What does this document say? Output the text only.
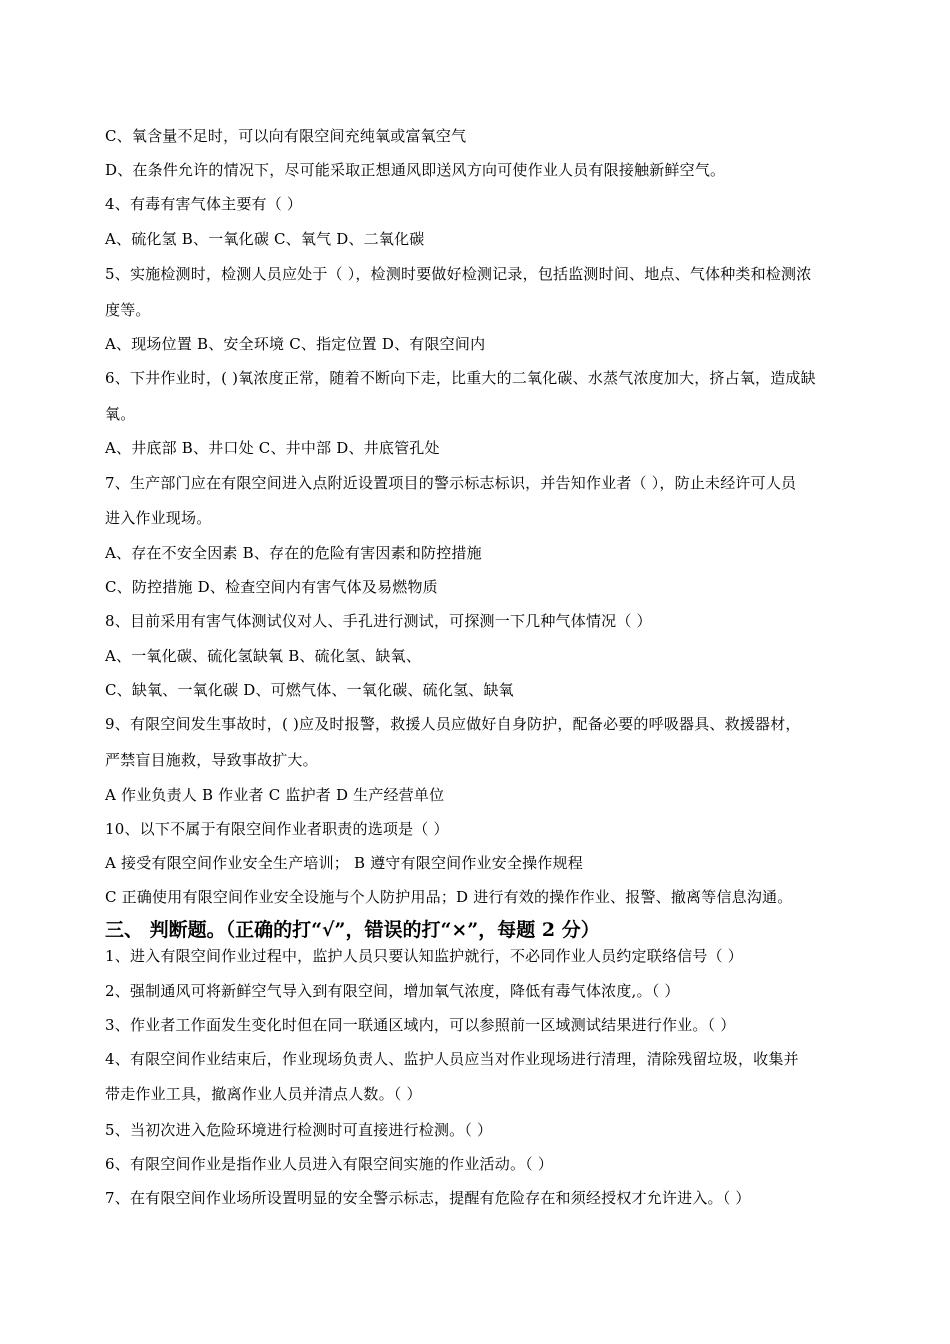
C、氧含量不足时，可以向有限空间充纯氧或富氧空气
D、在条件允许的情况下，尽可能采取正想通风即送风方向可使作业人员有限接触新鲜空气。
4、有毒有害气体主要有（ ）
A、硫化氢 B、一氧化碳 C、氧气 D、二氧化碳
5、实施检测时，检测人员应处于（ ），检测时要做好检测记录，包括监测时间、地点、气体种类和检测浓
度等。
A、现场位置 B、安全环境 C、指定位置 D、有限空间内
6、下井作业时，( )氧浓度正常，随着不断向下走，比重大的二氧化碳、水蒸气浓度加大，挤占氧，造成缺
氧。
A、井底部 B、井口处 C、井中部 D、井底管孔处
7、生产部门应在有限空间进入点附近设置项目的警示标志标识，并告知作业者（ ），防止未经许可人员
进入作业现场。
A、存在不安全因素 B、存在的危险有害因素和防控措施
C、防控措施 D、检查空间内有害气体及易燃物质
8、目前采用有害气体测试仪对人、手孔进行测试，可探测一下几种气体情况（ ）
A、一氧化碳、硫化氢缺氧 B、硫化氢、缺氧、
C、缺氧、一氧化碳 D、可燃气体、一氧化碳、硫化氢、缺氧
9、有限空间发生事故时，( )应及时报警，救援人员应做好自身防护，配备必要的呼吸器具、救援器材，
严禁盲目施救，导致事故扩大。
A 作业负责人 B 作业者 C 监护者 D 生产经营单位
10、以下不属于有限空间作业者职责的选项是（ ）
A 接受有限空间作业安全生产培训； B 遵守有限空间作业安全操作规程
C 正确使用有限空间作业安全设施与个人防护用品；D 进行有效的操作作业、报警、撤离等信息沟通。
三、 判断题。（正确的打“√”，错误的打“×”，每题 2 分）
1、进入有限空间作业过程中，监护人员只要认知监护就行，不必同作业人员约定联络信号（ ）
2、强制通风可将新鲜空气导入到有限空间，增加氧气浓度，降低有毒气体浓度,。（ ）
3、作业者工作面发生变化时但在同一联通区域内，可以参照前一区域测试结果进行作业。（ ）
4、有限空间作业结束后，作业现场负责人、监护人员应当对作业现场进行清理，清除残留垃圾，收集并
带走作业工具，撤离作业人员并清点人数。（ ）
5、当初次进入危险环境进行检测时可直接进行检测。（ ）
6、有限空间作业是指作业人员进入有限空间实施的作业活动。（ ）
7、在有限空间作业场所设置明显的安全警示标志，提醒有危险存在和须经授权才允许进入。（ ）
